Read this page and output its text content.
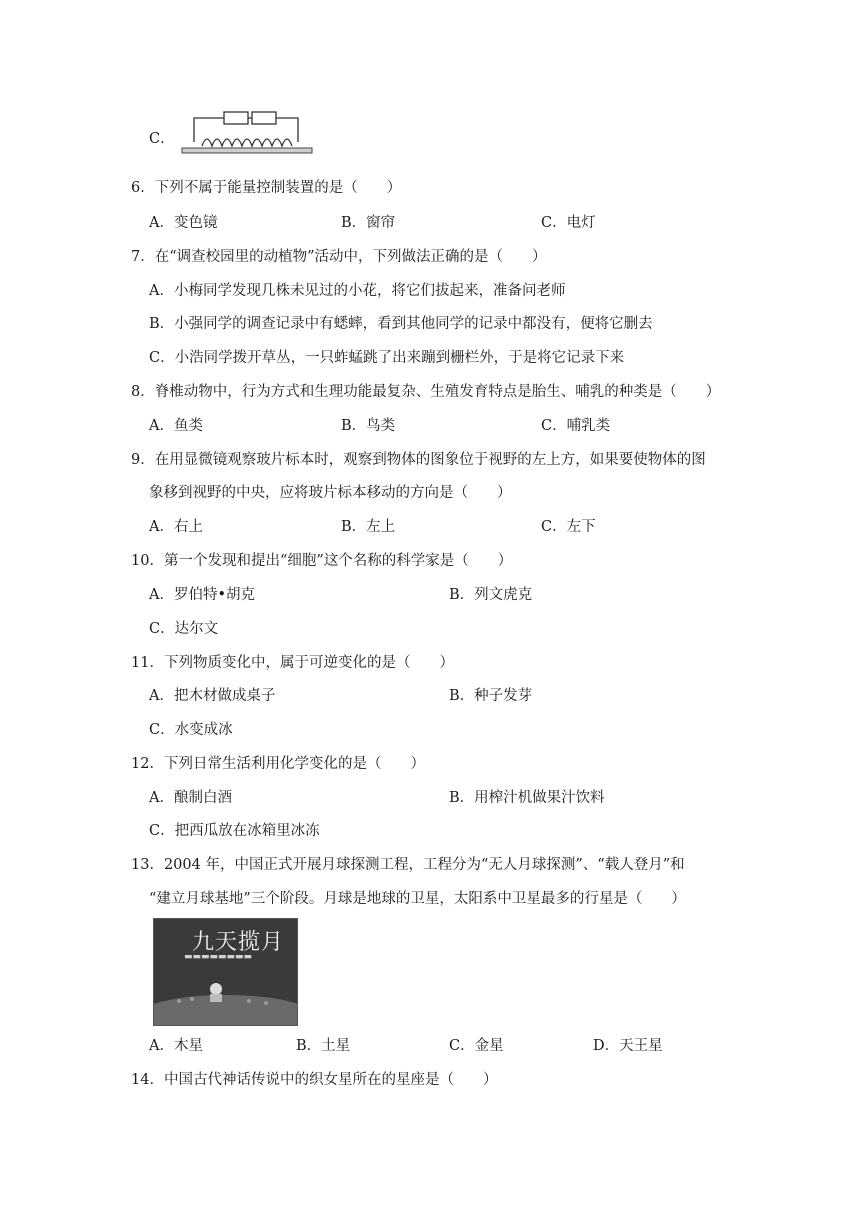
C．
6．下列不属于能量控制装置的是（　　）
A．变色镜	B．窗帘	C．电灯
7．在“调查校园里的动植物”活动中，下列做法正确的是（　　）
A．小梅同学发现几株未见过的小花，将它们拔起来，准备问老师
B．小强同学的调查记录中有蟋蟀，看到其他同学的记录中都没有，便将它删去
C．小浩同学拨开草丛，一只蚱蜢跳了出来蹦到栅栏外，于是将它记录下来
8．脊椎动物中，行为方式和生理功能最复杂、生殖发育特点是胎生、哺乳的种类是（　　）
A．鱼类	B．鸟类	C．哺乳类
9．在用显微镜观察玻片标本时，观察到物体的图象位于视野的左上方，如果要使物体的图
象移到视野的中央，应将玻片标本移动的方向是（　　）
A．右上	B．左上	C．左下
10．第一个发现和提出“细胞”这个名称的科学家是（　　）
A．罗伯特•胡克	B．列文虎克
C．达尔文
11．下列物质变化中，属于可逆变化的是（　　）
A．把木材做成桌子	B．种子发芽
C．水变成冰
12．下列日常生活利用化学变化的是（　　）
A．酿制白酒	B．用榨汁机做果汁饮料
C．把西瓜放在冰箱里冰冻
13．2004 年，中国正式开展月球探测工程，工程分为“无人月球探测”、“载人登月”和
“建立月球基地”三个阶段。月球是地球的卫星，太阳系中卫星最多的行星是（　　）
九天揽月
▬▬▬▬▬▬▬▬
A．木星	B．土星	C．金星	D．天王星
14．中国古代神话传说中的织女星所在的星座是（　　）
